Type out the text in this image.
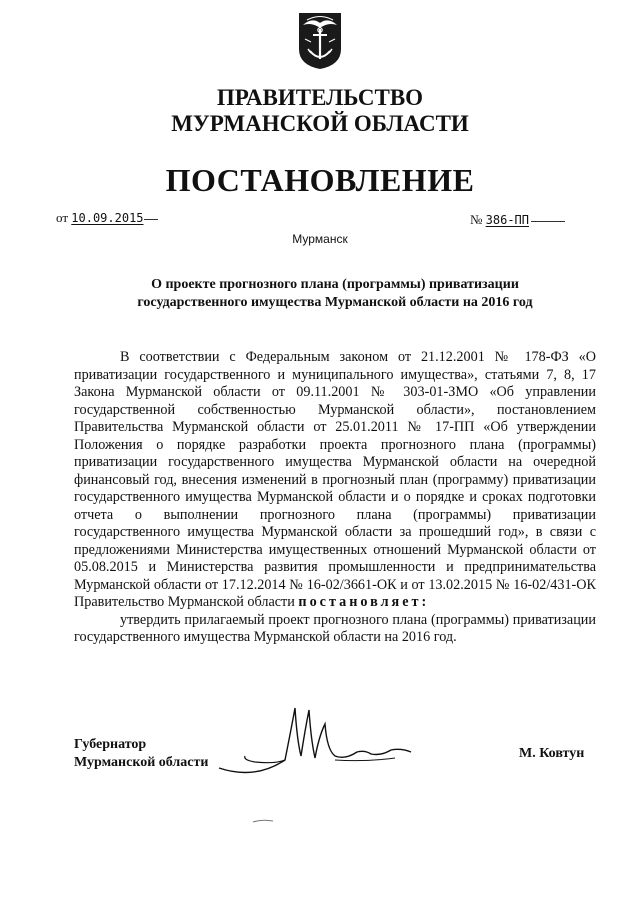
ПРАВИТЕЛЬСТВО
МУРМАНСКОЙ ОБЛАСТИ
ПОСТАНОВЛЕНИЕ
от 10.09.2015	№ 386-ПП
Мурманск
О проекте прогнозного плана (программы) приватизации
государственного имущества Мурманской области на 2016 год

В соответствии с Федеральным законом от 21.12.2001 № 178-ФЗ «О приватизации государственного и муниципального имущества», статьями 7, 8, 17 Закона Мурманской области от 09.11.2001 № 303-01-ЗМО «Об управлении государственной собственностью Мурманской области», постановлением Правительства Мурманской области от 25.01.2011 № 17-ПП «Об утверждении Положения о порядке разработки проекта прогнозного плана (программы) приватизации государственного имущества Мурманской области на очередной финансовый год, внесения изменений в прогнозный план (программу) приватизации государственного имущества Мурманской области и о порядке и сроках подготовки отчета о выполнении прогнозного плана (программы) приватизации государственного имущества Мурманской области за прошедший год», в связи с предложениями Министерства имущественных отношений Мурманской области от 05.08.2015 и Министерства развития промышленности и предпринимательства Мурманской области от 17.12.2014 № 16-02/3661-ОК и от 13.02.2015 № 16-02/431-ОК Правительство Мурманской области постановляет:

утвердить прилагаемый проект прогнозного плана (программы) приватизации государственного имущества Мурманской области на 2016 год.

Губернатор
Мурманской области
М. Ковтун
